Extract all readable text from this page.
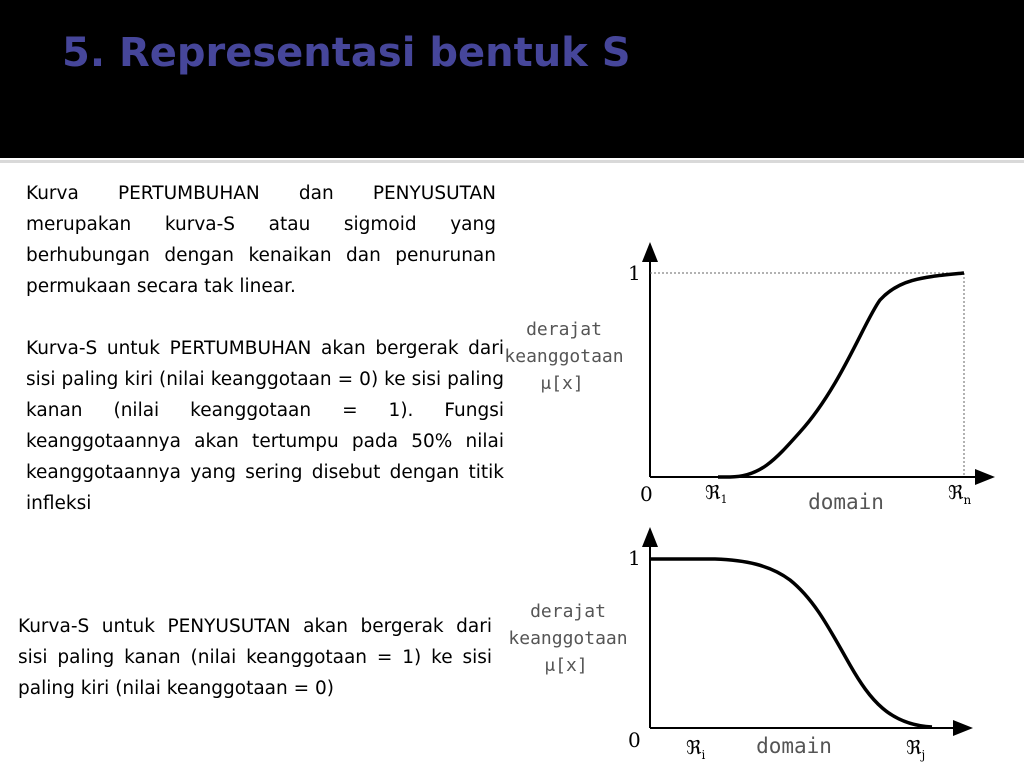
5. Representasi bentuk S

Kurva PERTUMBUHAN dan PENYUSUTAN merupakan kurva-S atau sigmoid yang berhubungan dengan kenaikan dan penurunan permukaan secara tak linear.

Kurva-S untuk PERTUMBUHAN akan bergerak dari sisi paling kiri (nilai keanggotaan = 0) ke sisi paling kanan (nilai keanggotaan = 1). Fungsi keanggotaannya akan tertumpu pada 50% nilai keanggotaannya yang sering disebut dengan titik infleksi

Kurva-S untuk PENYUSUTAN akan bergerak dari sisi paling kanan (nilai keanggotaan = 1) ke sisi paling kiri (nilai keanggotaan = 0)

1
0
derajat
keanggotaan
μ[x]
domain
ℜ$_1$	ℜ$_n$
1
0
derajat
keanggotaan
μ[x]
domain
ℜ$_i$	ℜ$_j$
